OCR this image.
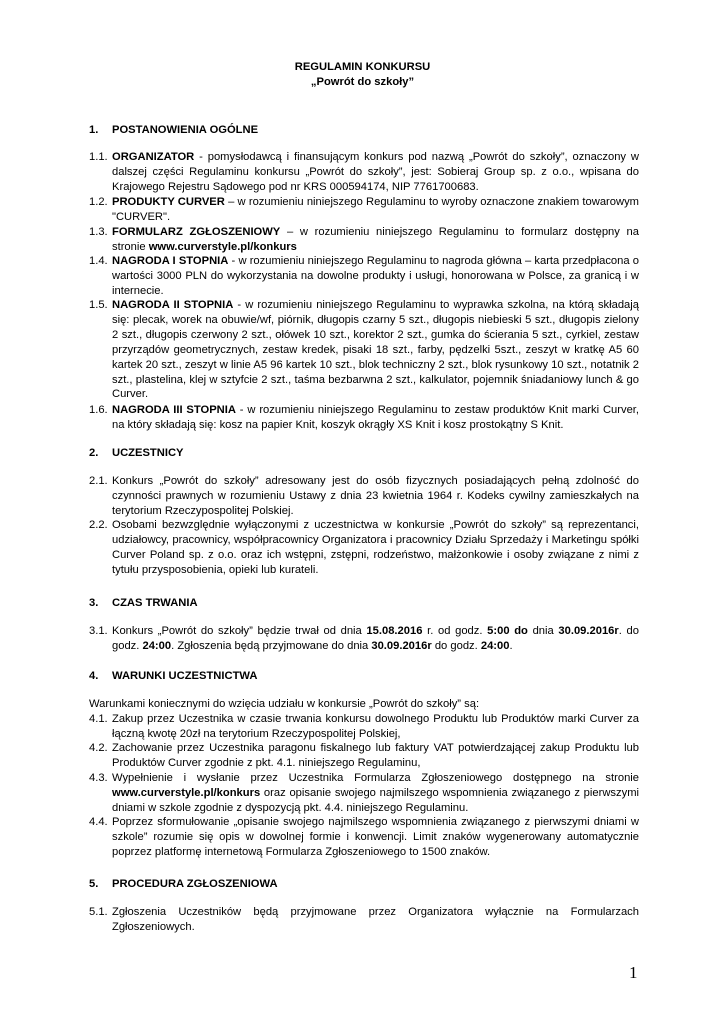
REGULAMIN KONKURSU
„Powrót do szkoły”
1. POSTANOWIENIA OGÓLNE
1.1. ORGANIZATOR - pomysłodawcą i finansującym konkurs pod nazwą „Powrót do szkoły”, oznaczony w dalszej części Regulaminu konkursu „Powrót do szkoły”, jest: Sobieraj Group sp. z o.o., wpisana do Krajowego Rejestru Sądowego pod nr KRS 000594174, NIP 7761700683.
1.2. PRODUKTY CURVER – w rozumieniu niniejszego Regulaminu to wyroby oznaczone znakiem towarowym "CURVER".
1.3. FORMULARZ ZGŁOSZENIOWY – w rozumieniu niniejszego Regulaminu to formularz dostępny na stronie www.curverstyle.pl/konkurs
1.4. NAGRODA I STOPNIA - w rozumieniu niniejszego Regulaminu to nagroda główna – karta przedpłacona o wartości 3000 PLN do wykorzystania na dowolne produkty i usługi, honorowana w Polsce, za granicą i w internecie.
1.5. NAGRODA II STOPNIA - w rozumieniu niniejszego Regulaminu to wyprawka szkolna, na którą składają się: plecak, worek na obuwie/wf, piórnik, długopis czarny 5 szt., długopis niebieski 5 szt., długopis zielony 2 szt., długopis czerwony 2 szt., ołówek 10 szt., korektor 2 szt., gumka do ścierania 5 szt., cyrkiel, zestaw przyrządów geometrycznych, zestaw kredek, pisaki 18 szt., farby, pędzelki 5szt., zeszyt w kratkę A5 60 kartek 20 szt., zeszyt w linie A5 96 kartek 10 szt., blok techniczny 2 szt., blok rysunkowy 10 szt., notatnik 2 szt., plastelina, klej w sztyfcie 2 szt., taśma bezbarwna 2 szt., kalkulator, pojemnik śniadaniowy lunch & go Curver.
1.6. NAGRODA III STOPNIA - w rozumieniu niniejszego Regulaminu to zestaw produktów Knit marki Curver, na który składają się: kosz na papier Knit, koszyk okrągły XS Knit i kosz prostokątny S Knit.
2. UCZESTNICY
2.1. Konkurs „Powrót do szkoły” adresowany jest do osób fizycznych posiadających pełną zdolność do czynności prawnych w rozumieniu Ustawy z dnia 23 kwietnia 1964 r. Kodeks cywilny zamieszkałych na terytorium Rzeczypospolitej Polskiej.
2.2. Osobami bezwzględnie wyłączonymi z uczestnictwa w konkursie „Powrót do szkoły” są reprezentanci, udziałowcy, pracownicy, współpracownicy Organizatora i pracownicy Działu Sprzedaży i Marketingu spółki Curver Poland sp. z o.o. oraz ich wstępni, zstępni, rodzeństwo, małżonkowie i osoby związane z nimi z tytułu przysposobienia, opieki lub kurateli.
3. CZAS TRWANIA
3.1. Konkurs „Powrót do szkoły” będzie trwał od dnia 15.08.2016 r. od godz. 5:00 do dnia 30.09.2016r. do godz. 24:00. Zgłoszenia będą przyjmowane do dnia 30.09.2016r do godz. 24:00.
4. WARUNKI UCZESTNICTWA
Warunkami koniecznymi do wzięcia udziału w konkursie „Powrót do szkoły” są:
4.1. Zakup przez Uczestnika w czasie trwania konkursu dowolnego Produktu lub Produktów marki Curver za łączną kwotę 20zł na terytorium Rzeczypospolitej Polskiej,
4.2. Zachowanie przez Uczestnika paragonu fiskalnego lub faktury VAT potwierdzającej zakup Produktu lub Produktów Curver zgodnie z pkt. 4.1. niniejszego Regulaminu,
4.3. Wypełnienie i wysłanie przez Uczestnika Formularza Zgłoszeniowego dostępnego na stronie www.curverstyle.pl/konkurs oraz opisanie swojego najmilszego wspomnienia związanego z pierwszymi dniami w szkole zgodnie z dyspozycją pkt. 4.4. niniejszego Regulaminu.
4.4. Poprzez sformułowanie „opisanie swojego najmilszego wspomnienia związanego z pierwszymi dniami w szkole” rozumie się opis w dowolnej formie i konwencji. Limit znaków wygenerowany automatycznie poprzez platformę internetową Formularza Zgłoszeniowego to 1500 znaków.
5. PROCEDURA ZGŁOSZENIOWA
5.1. Zgłoszenia Uczestników będą przyjmowane przez Organizatora wyłącznie na Formularzach Zgłoszeniowych.
1
